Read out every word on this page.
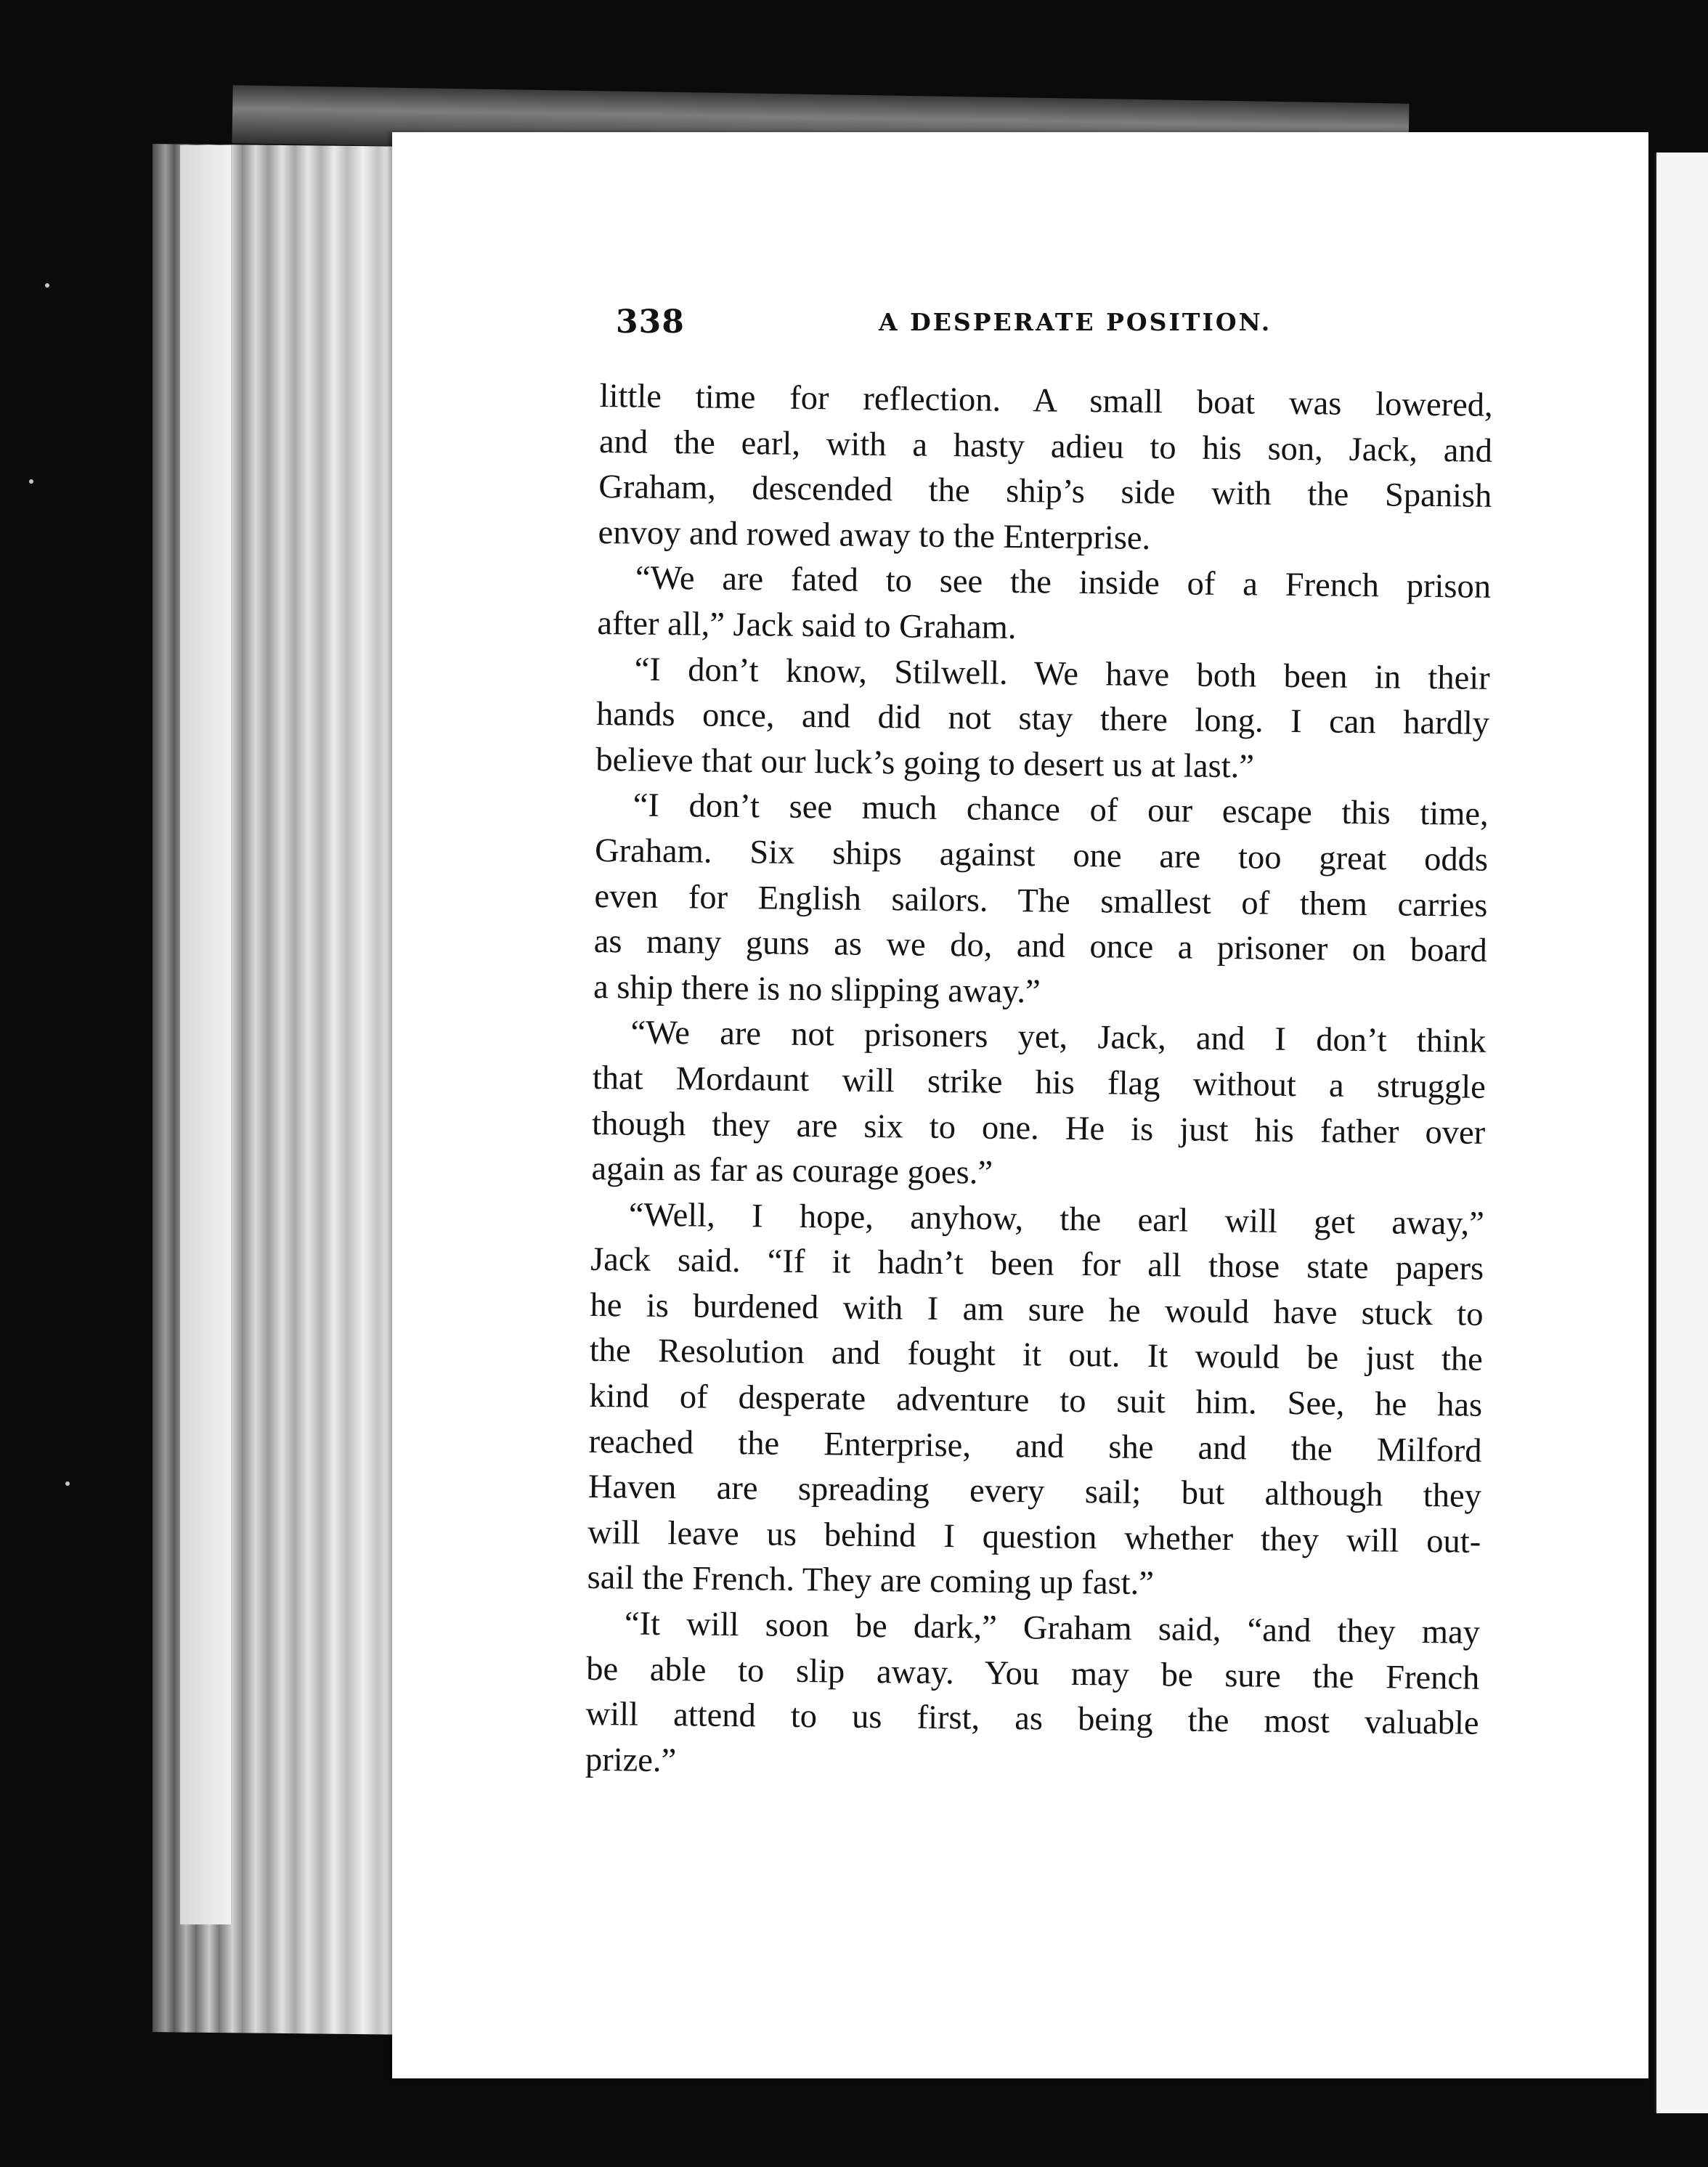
338	A DESPERATE POSITION.
little time for reflection. A small boat was lowered,
and the earl, with a hasty adieu to his son, Jack, and
Graham, descended the ship’s side with the Spanish
envoy and rowed away to the Enterprise.
“We are fated to see the inside of a French prison
after all,” Jack said to Graham.
“I don’t know, Stilwell. We have both been in their
hands once, and did not stay there long. I can hardly
believe that our luck’s going to desert us at last.”
“I don’t see much chance of our escape this time,
Graham. Six ships against one are too great odds
even for English sailors. The smallest of them carries
as many guns as we do, and once a prisoner on board
a ship there is no slipping away.”
“We are not prisoners yet, Jack, and I don’t think
that Mordaunt will strike his flag without a struggle
though they are six to one. He is just his father over
again as far as courage goes.”
“Well, I hope, anyhow, the earl will get away,”
Jack said. “If it hadn’t been for all those state papers
he is burdened with I am sure he would have stuck to
the Resolution and fought it out. It would be just the
kind of desperate adventure to suit him. See, he has
reached the Enterprise, and she and the Milford
Haven are spreading every sail; but although they
will leave us behind I question whether they will out-
sail the French. They are coming up fast.”
“It will soon be dark,” Graham said, “and they may
be able to slip away. You may be sure the French
will attend to us first, as being the most valuable
prize.”
